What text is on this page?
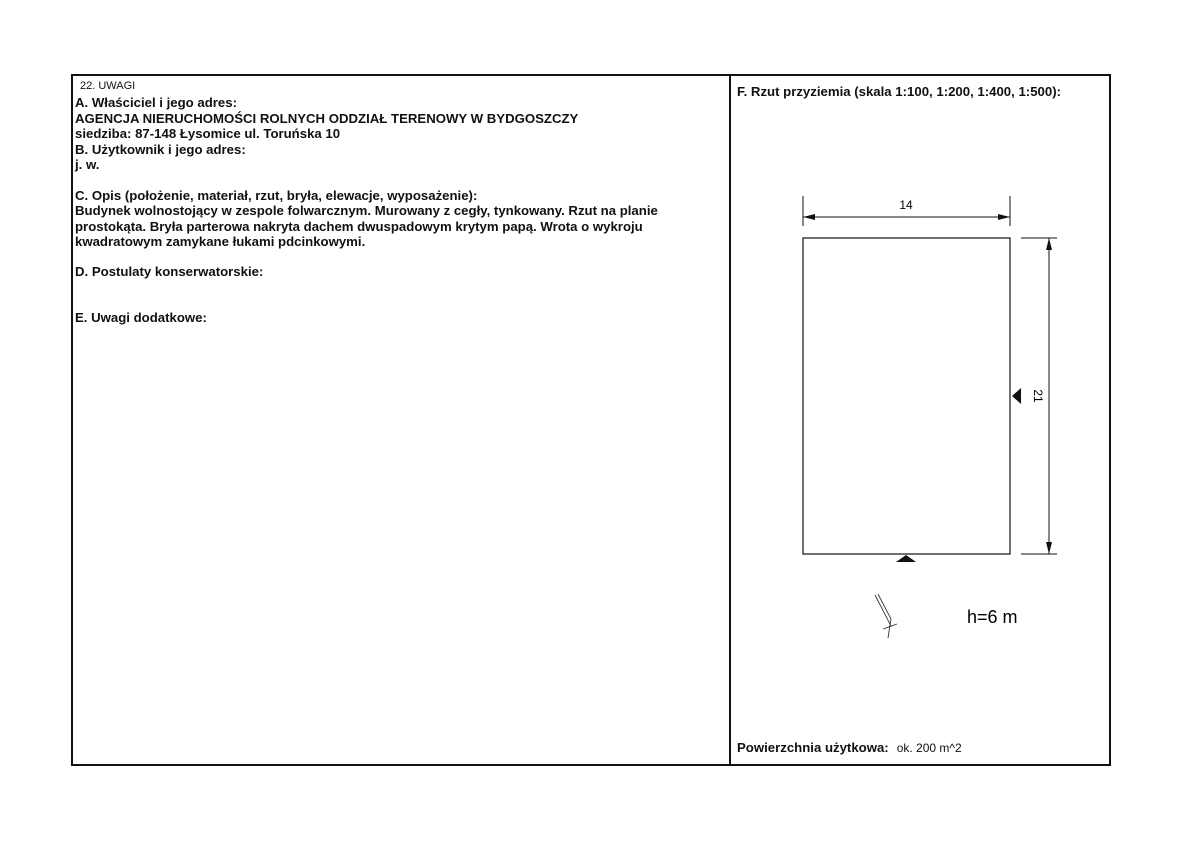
22. UWAGI
A. Właściciel i jego adres:
AGENCJA NIERUCHOMOŚCI ROLNYCH ODDZIAŁ TERENOWY W BYDGOSZCZY
siedziba: 87-148 Łysomice ul. Toruńska 10
B. Użytkownik i jego adres:
j. w.
C. Opis (położenie, materiał, rzut, bryła, elewacje, wyposażenie):
Budynek wolnostojący w zespole folwarcznym. Murowany z cegły, tynkowany. Rzut na planie
prostokąta. Bryła parterowa nakryta dachem dwuspadowym krytym papą. Wrota o wykroju
kwadratowym zamykane łukami pdcinkowymi.
D. Postulaty konserwatorskie:
E. Uwagi dodatkowe:
F. Rzut przyziemia (skala 1:100, 1:200, 1:400, 1:500):
14
21
h=6 m
Powierzchnia użytkowa: ok. 200 m^2
